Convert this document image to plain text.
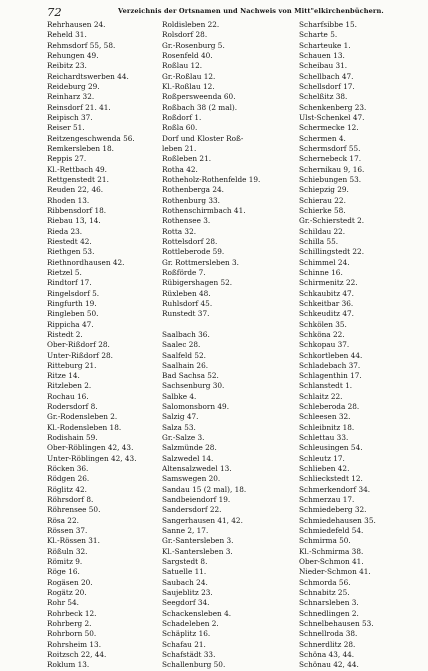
72	Verzeichnis der Ortsnamen und Nachweis von Mitt"elkirchenbüchern.
Rehrhausen 24.
Reheld 31.
Rehmsdorf 55, 58.
Rehungen 49.
Reibitz 23.
Reichardtswerben 44.
Reideburg 29.
Reinharz 32.
Reinsdorf 21. 41.
Reipisch 37.
Reiser 51.
Reitzengeschwenda 56.
Remkersleben 18.
Reppis 27.
Kl.-Rettbach 49.
Rettgenstedt 21.
Reuden 22, 46.
Rhoden 13.
Ribbensdorf 18.
Riebau 13, 14.
Rieda 23.
Riestedt 42.
Riethgen 53.
Riethnordhausen 42.
Rietzel 5.
Rindtorf 17.
Ringelsdorf 5.
Ringfurth 19.
Ringleben 50.
Rippicha 47.
Ristedt 2.
Ober-Rißdorf 28.
Unter-Rißdorf 28.
Ritteburg 21.
Ritze 14.
Ritzleben 2.
Rochau 16.
Rodersdorf 8.
Gr.-Rodensleben 2.
Kl.-Rodensleben 18.
Rodishain 59.
Ober-Röblingen 42, 43.
Unter-Röblingen 42, 43.
Röcken 36.
Rödgen 26.
Röglitz 42.
Röhrsdorf 8.
Röhrensee 50.
Rösa 22.
Rössen 37.
Kl.-Rössen 31.
Rößuln 32.
Römitz 9.
Röge 16.
Rogäsen 20.
Rogätz 20.
Rohr 54.
Rohrbeck 12.
Rohrberg 2.
Rohrborn 50.
Rohrsheim 13.
Roitzsch 22, 44.
Roklum 13.
Roldisleben 22.
Rolsdorf 28.
Gr.-Rosenburg 5.
Rosenfeld 40.
Roßlau 12.
Gr.-Roßlau 12.
Kl.-Roßlau 12.
Roßpersweenda 60.
Roßbach 38 (2 mal).
Roßdorf 1.
Roßla 60.
Dorf und Kloster Roß-
leben 21.
Roßleben 21.
Rotha 42.
Rotheholz-Rothenfelde 19.
Rothenberga 24.
Rothenburg 33.
Rothenschirmbach 41.
Rothensee 3.
Rotta 32.
Rottelsdorf 28.
Rottleberode 59.
Gr. Rottmersleben 3.
Roßförde 7.
Rübigershagen 52.
Rüxleben 48.
Ruhlsdorf 45.
Runstedt 37.
Saalbach 36.
Saalec 28.
Saalfeld 52.
Saalhain 26.
Bad Sachsa 52.
Sachsenburg 30.
Salbke 4.
Salomonsborn 49.
Salzig 47.
Salza 53.
Gr.-Salze 3.
Salzmünde 28.
Salzwedel 14.
Altensalzwedel 13.
Samswegen 20.
Sandau 15 (2 mal), 18.
Sandbeiendorf 19.
Sandersdorf 22.
Sangerhausen 41, 42.
Sanne 2, 17.
Gr.-Santersleben 3.
Kl.-Santersleben 3.
Sargstedt 8.
Satuelle 11.
Saubach 24.
Saujeblitz 23.
Seegdorf 34.
Schackensleben 4.
Schadeleben 2.
Schäplitz 16.
Schafau 21.
Schafstädt 33.
Schallenburg 50.
Scharfsibbe 15.
Scharte 5.
Scharteuke 1.
Schauen 13.
Scheibau 31.
Schellbach 47.
Schellsdorf 17.
Schelßitz 38.
Schenkenberg 23.
Ulst-Schenkel 47.
Schermecke 12.
Schermen 4.
Schermsdorf 55.
Schernebeck 17.
Schernikau 9, 16.
Schiebungen 53.
Schiepzig 29.
Schierau 22.
Schierke 58.
Gr.-Schierstedt 2.
Schildau 22.
Schilla 55.
Schillingstedt 22.
Schimmel 24.
Schinne 16.
Schirmenitz 22.
Schkaubitz 47.
Schkeitbar 36.
Schkeuditz 47.
Schkölen 35.
Schköna 22.
Schkopau 37.
Schkortleben 44.
Schladebach 37.
Schlagenthin 17.
Schlanstedt 1.
Schlaitz 22.
Schleberoda 28.
Schleesen 32.
Schleibnitz 18.
Schlettau 33.
Schleusingen 54.
Schleutz 17.
Schlieben 42.
Schlieckstedt 12.
Schmerkendorf 34.
Schmerzau 17.
Schmiedeberg 32.
Schmiedehausen 35.
Schmiedefeld 54.
Schmirma 50.
Kl.-Schmirma 38.
Ober-Schmon 41.
Nieder-Schmon 41.
Schmorda 56.
Schnabitz 25.
Schnarsleben 3.
Schnedlingen 2.
Schnelbehausen 53.
Schnellroda 38.
Schnerdlitz 28.
Schöna 43, 44.
Schönau 42, 44.
